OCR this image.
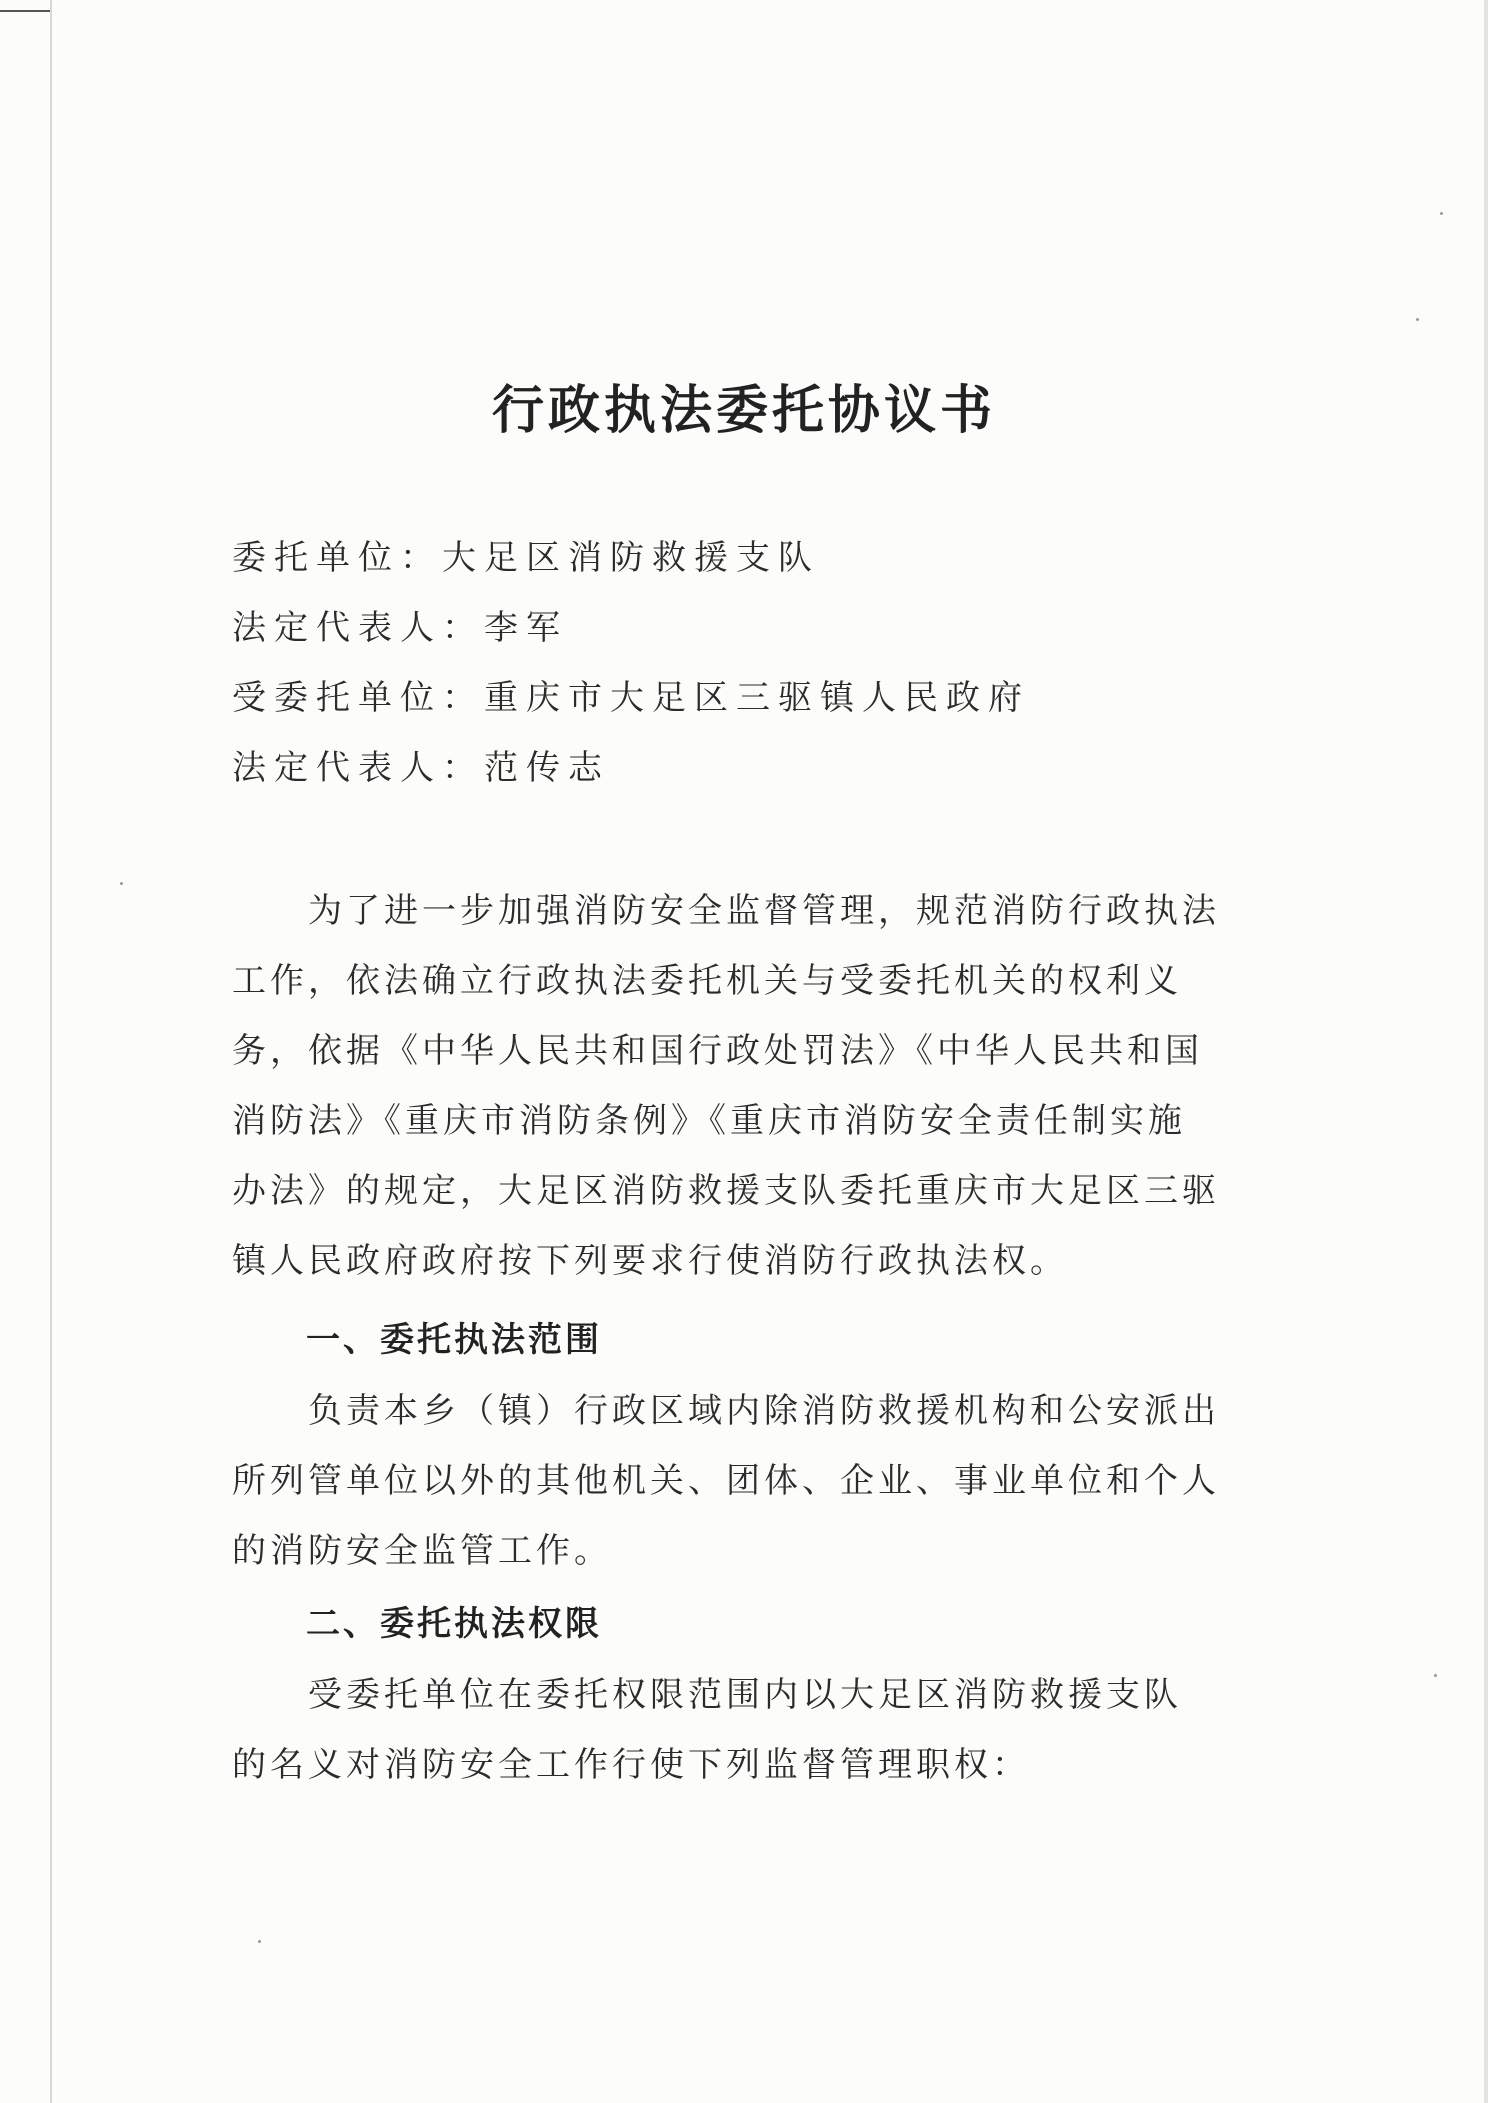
行政执法委托协议书
委托单位：大足区消防救援支队
法定代表人：李军
受委托单位：重庆市大足区三驱镇人民政府
法定代表人：范传志
　　为了进一步加强消防安全监督管理，规范消防行政执法
工作，依法确立行政执法委托机关与受委托机关的权利义
务，依据《中华人民共和国行政处罚法》《中华人民共和国
消防法》《重庆市消防条例》《重庆市消防安全责任制实施
办法》的规定，大足区消防救援支队委托重庆市大足区三驱
镇人民政府政府按下列要求行使消防行政执法权。
一、委托执法范围
　　负责本乡（镇）行政区域内除消防救援机构和公安派出
所列管单位以外的其他机关、团体、企业、事业单位和个人
的消防安全监管工作。
二、委托执法权限
　　受委托单位在委托权限范围内以大足区消防救援支队
的名义对消防安全工作行使下列监督管理职权：
